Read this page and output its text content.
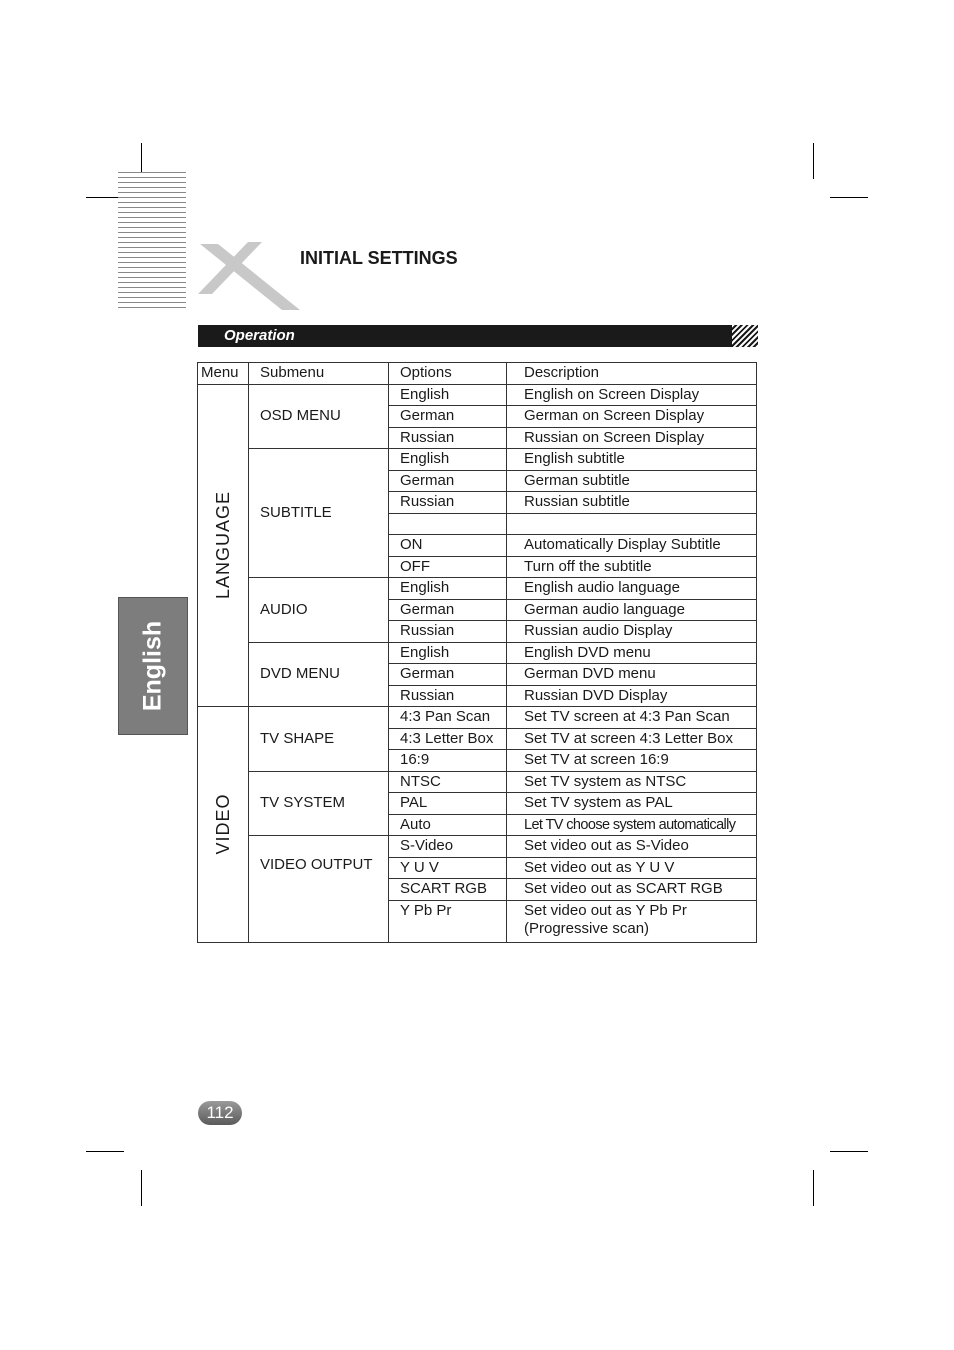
INITIAL SETTINGS
Operation
English
Menu	Submenu	Options	Description

LANGUAGE	OSD MENU	English	English on Screen Display
		German	German on Screen Display
		Russian	Russian on Screen Display
	SUBTITLE	English	English subtitle
		German	German subtitle
		Russian	Russian subtitle

		ON	Automatically Display Subtitle
		OFF	Turn off the subtitle
	AUDIO	English	English audio language
		German	German audio language
		Russian	Russian audio Display
	DVD MENU	English	English DVD menu
		German	German DVD menu
		Russian	Russian DVD Display

VIDEO	TV SHAPE	4:3 Pan Scan	Set TV screen at 4:3 Pan Scan
		4:3 Letter Box	Set TV at screen 4:3 Letter Box
		16:9	Set TV at screen 16:9
	TV SYSTEM	NTSC	Set TV system as NTSC
		PAL	Set TV system as PAL
		Auto	Let TV choose system automatically
	VIDEO OUTPUT	S-Video	Set video out as S-Video
		Y U V	Set video out as Y U V
		SCART RGB	Set video out as SCART RGB
		Y Pb Pr	Set video out as Y Pb Pr (Progressive scan)
112
